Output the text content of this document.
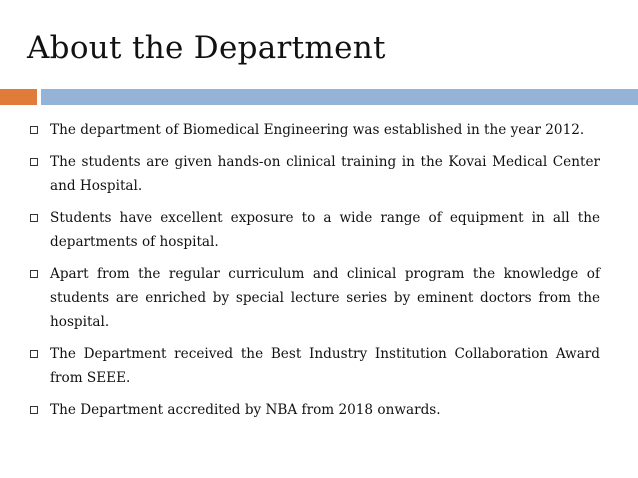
About the Department
The department of Biomedical Engineering was established in the year 2012.
The students are given hands-on clinical training in the Kovai Medical Center and Hospital.
Students have excellent exposure to a wide range of equipment in all the departments of hospital.
Apart from the regular curriculum and clinical program the knowledge of students are enriched by special lecture series by eminent doctors from the hospital.
The Department received the Best Industry Institution Collaboration Award from SEEE.
The Department accredited by NBA from 2018 onwards.
